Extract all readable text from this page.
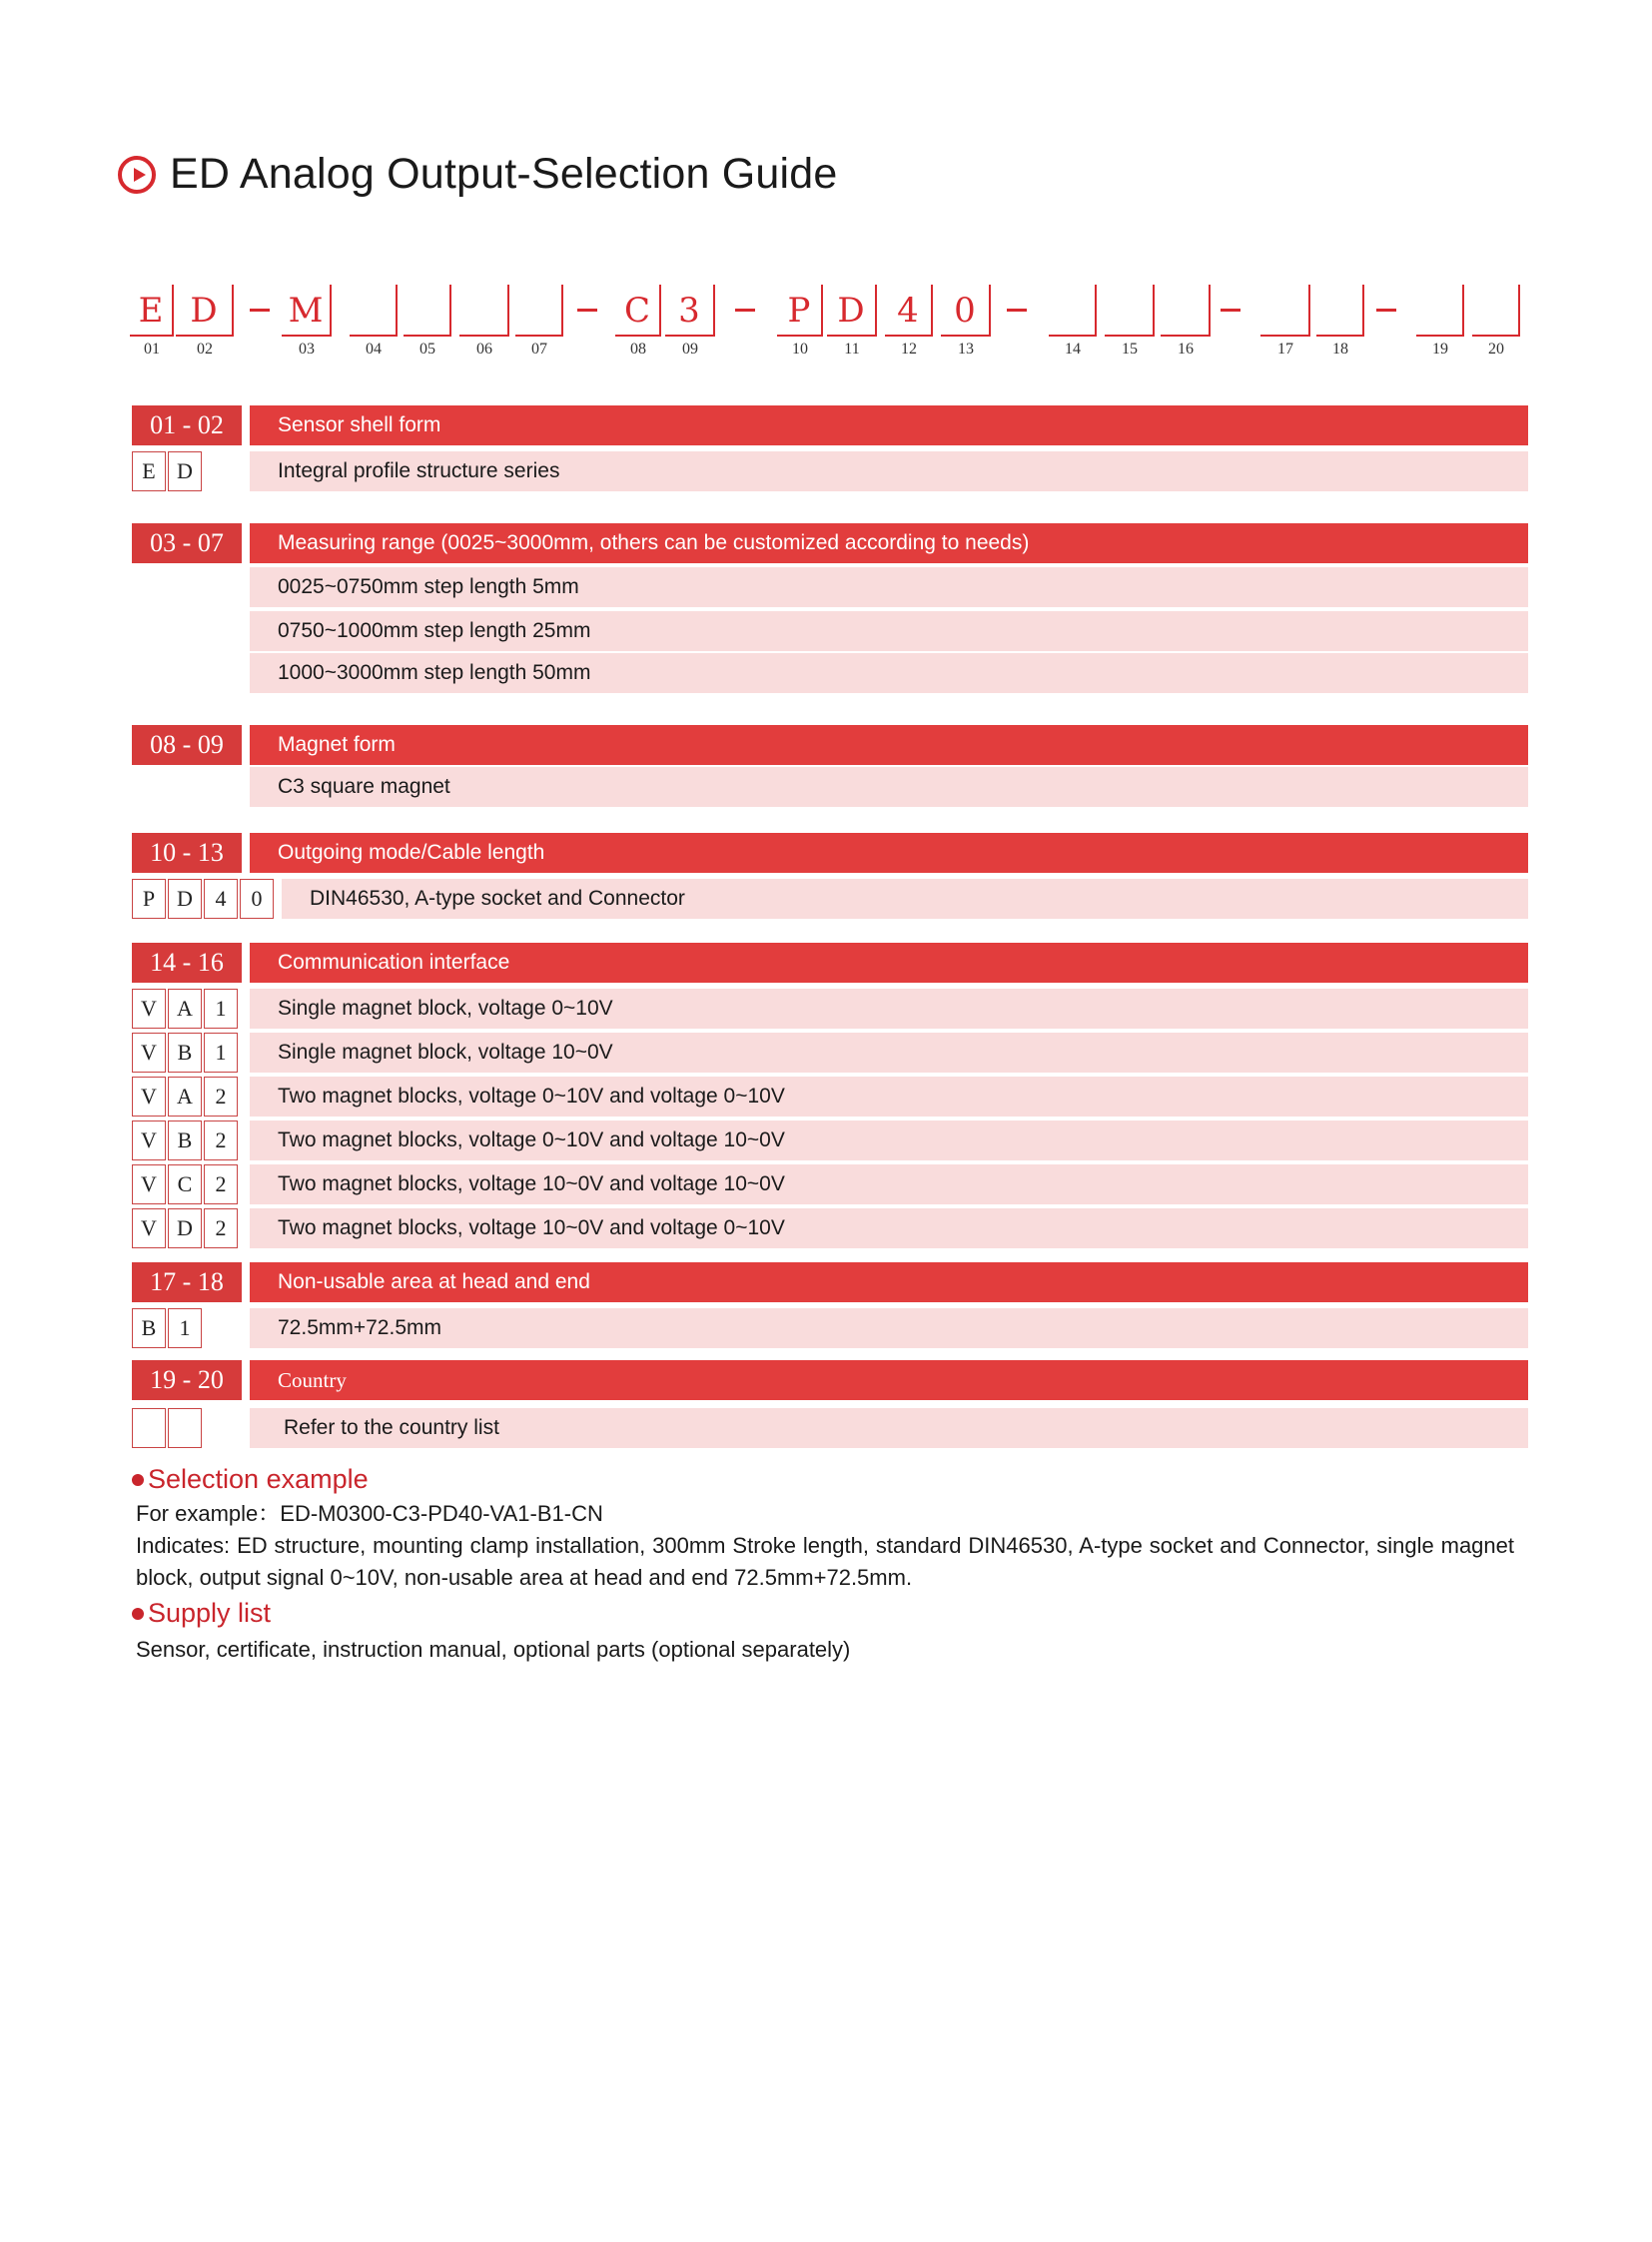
ED Analog Output-Selection Guide
E
01
D
02
M
03	04	05	06	07
C
08
3
09
P
10
D
11
4
12
0
13	14	15	16	17	18	19	20
01 - 02	Sensor shell form
E D	Integral profile structure series
03 - 07	Measuring range (0025~3000mm, others can be customized according to needs)
0025~0750mm step length 5mm
0750~1000mm step length 25mm
1000~3000mm step length 50mm
08 - 09	Magnet form
C3 square magnet
10 - 13	Outgoing mode/Cable length
P D	4	0	DIN46530, A-type socket and Connector
14 - 16	Communication interface
V A	1	Single magnet block, voltage 0~10V
V B	1	Single magnet block, voltage 10~0V
V A	2	Two magnet blocks, voltage 0~10V and voltage 0~10V
V B	2	Two magnet blocks, voltage 0~10V and voltage 10~0V
V C	2	Two magnet blocks, voltage 10~0V and voltage 10~0V
V D	2	Two magnet blocks, voltage 10~0V and voltage 0~10V
17 - 18	Non-usable area at head and end
B	1	72.5mm+72.5mm
19 - 20	Country
Refer to the country list
Selection example
For example：ED-M0300-C3-PD40-VA1-B1-CN
Indicates: ED structure, mounting clamp installation, 300mm Stroke length, standard DIN46530, A-type socket and Connector, single magnet block, output signal 0~10V, non-usable area at head and end 72.5mm+72.5mm.
Supply list
Sensor, certificate, instruction manual, optional parts (optional separately)
